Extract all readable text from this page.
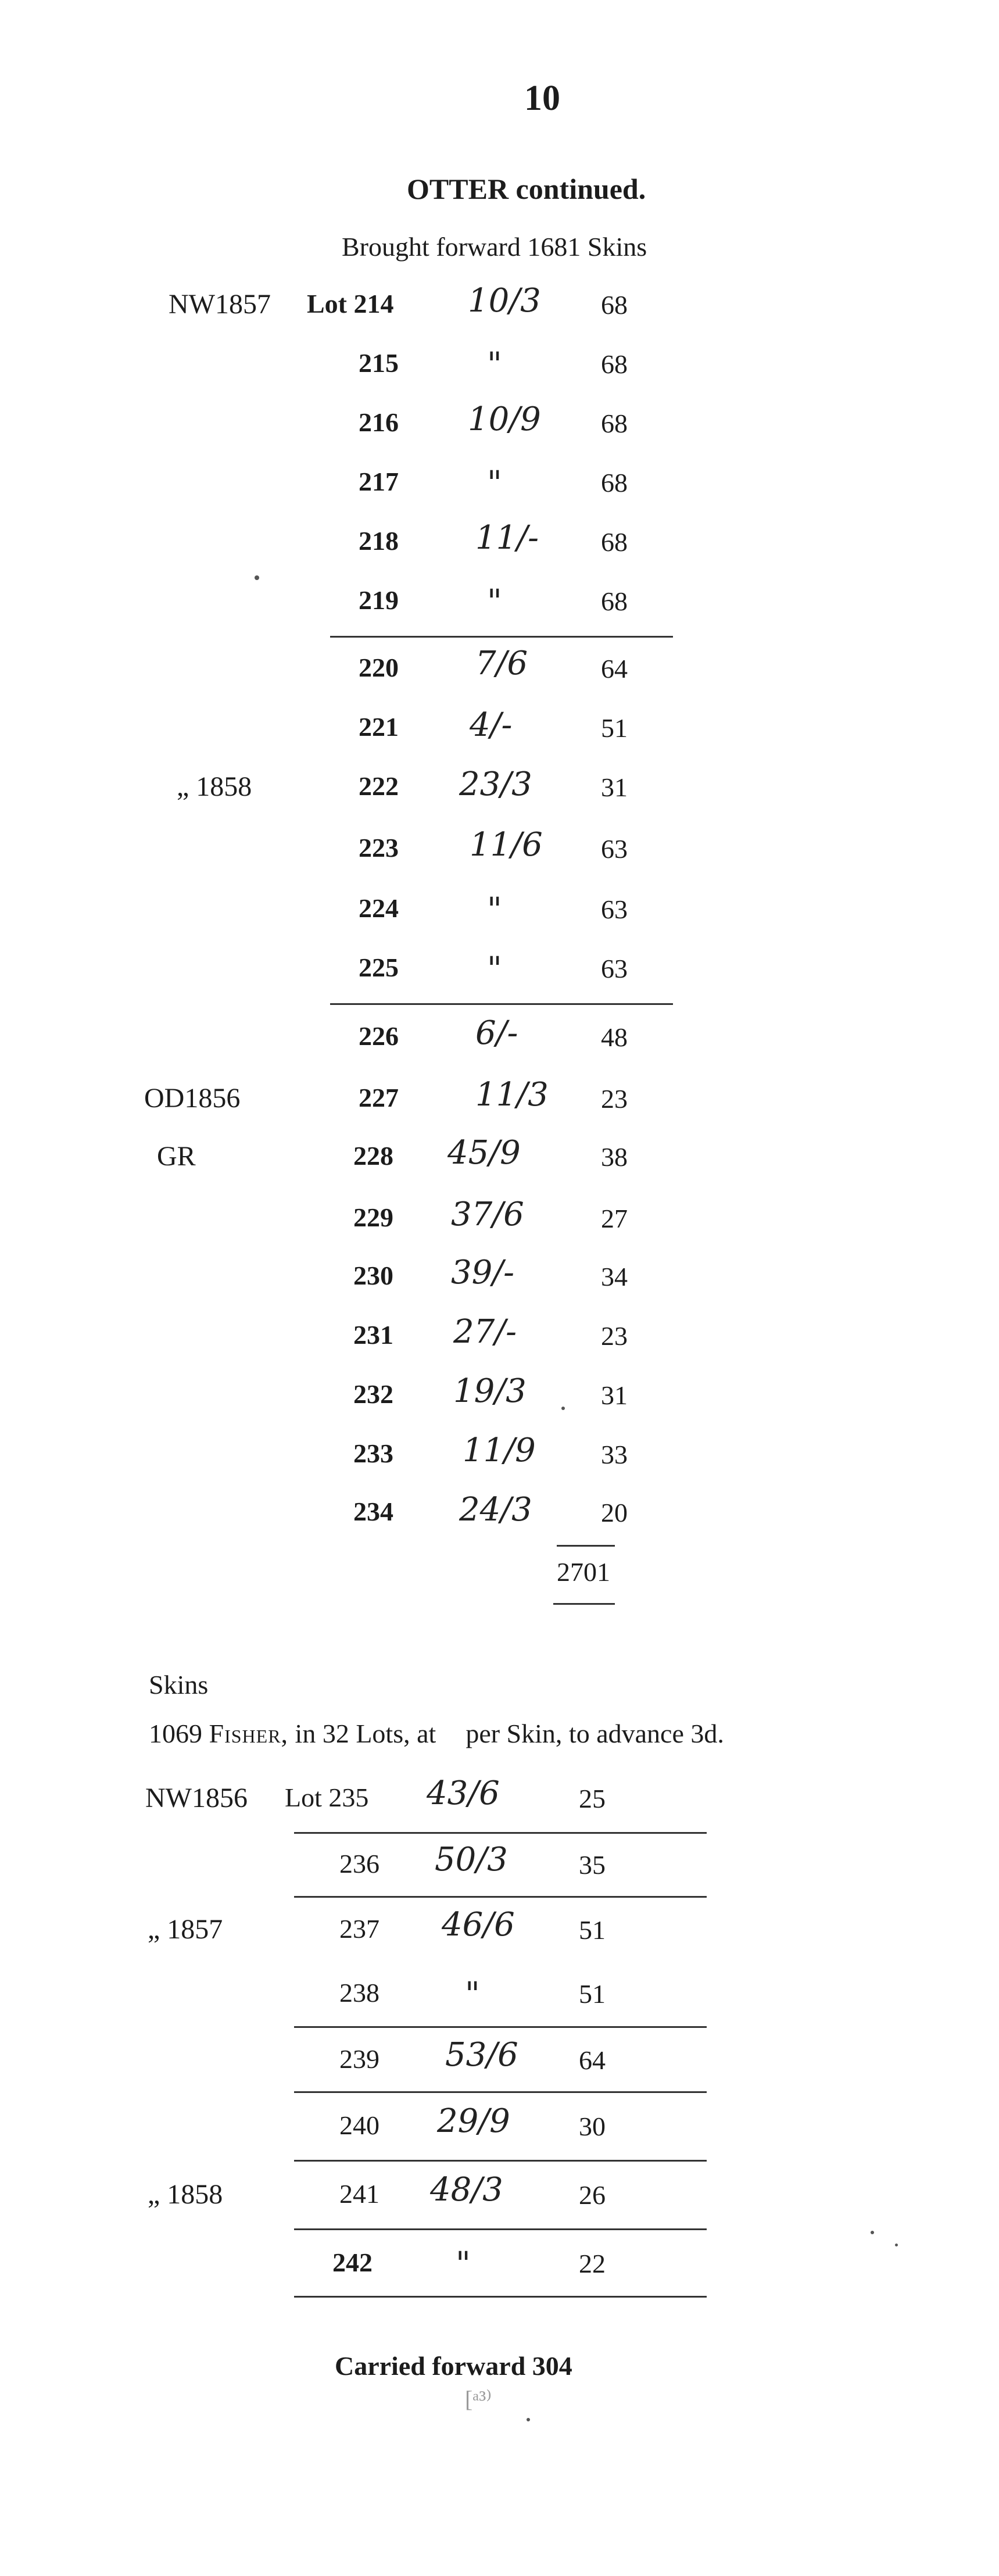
10
OTTER continued.
Brought forward 1681 Skins
NW1857 Lot 214 10/3 68
215	"	68
216 10/9 68
217	"	68
218 11/- 68
219	"	68
220 7/6	64
221 4/-	51
„ 1858	222 23/3	31
223 11/6 63
224	"	63
225	"	63
226 6/-	48
OD1856	227 11/3 23
GR	228 45/9	38
229 37/6	27
230 39/-	34
231 27/-	23
232 19/3	31
233 11/9 33
234 24/3	20
2701
Skins
1069 Fisher, in 32 Lots, at per Skin, to advance 3d.
NW1856 Lot 235 43/6	25
236 50/3	35
„ 1857	237 46/6 51
238	"	51
239 53/6 64
240 29/9	30
„ 1858	241 48/3	26
242	"	22
Carried forward 304
[ᵃ³⁾
